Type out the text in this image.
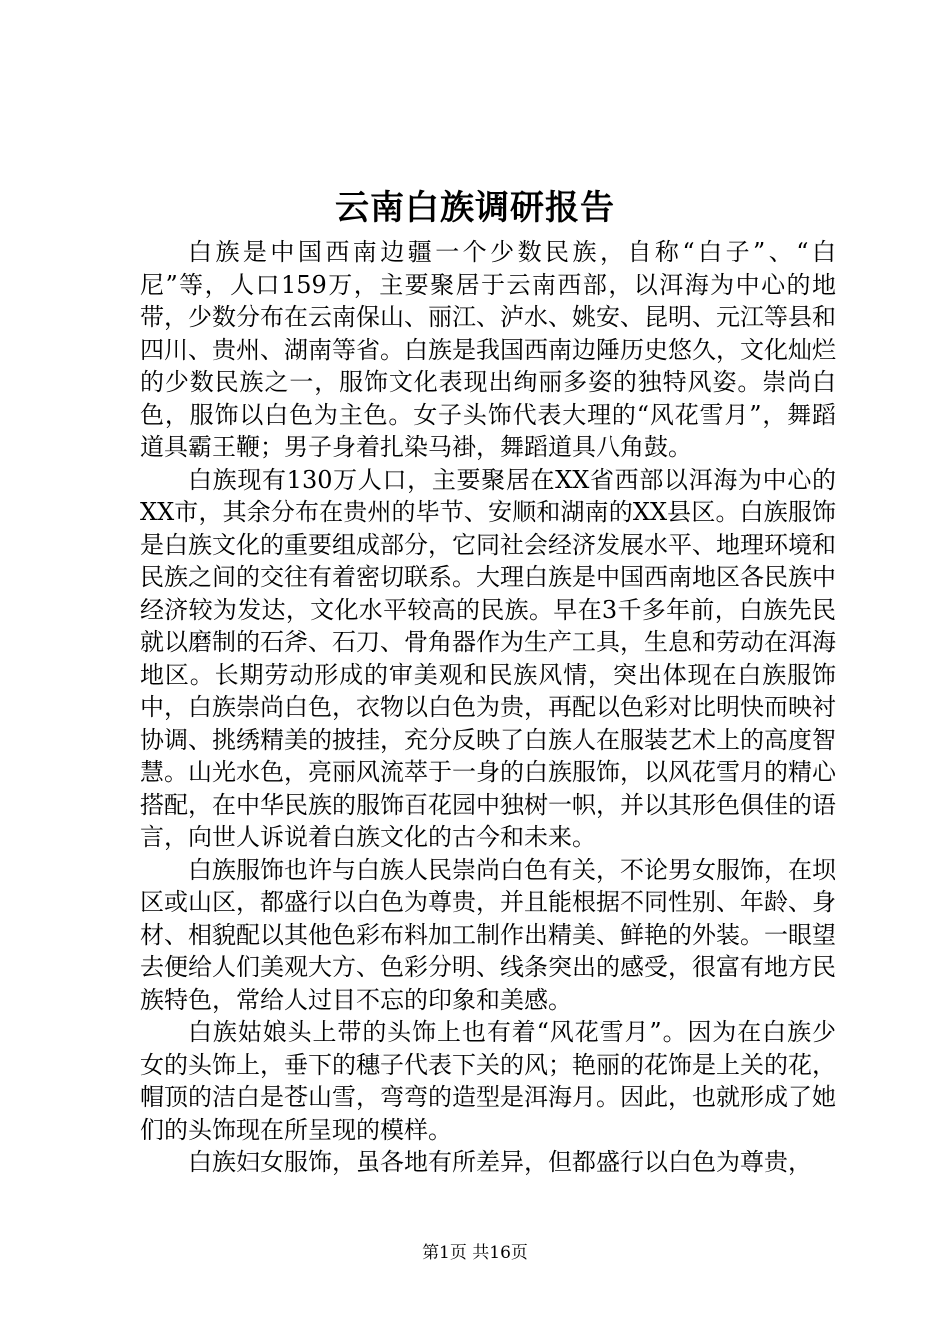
云南白族调研报告

白族是中国西南边疆一个少数民族，自称“白子”、“白尼”等，人口159万，主要聚居于云南西部，以洱海为中心的地带，少数分布在云南保山、丽江、泸水、姚安、昆明、元江等县和四川、贵州、湖南等省。白族是我国西南边陲历史悠久，文化灿烂的少数民族之一，服饰文化表现出绚丽多姿的独特风姿。崇尚白色，服饰以白色为主色。女子头饰代表大理的“风花雪月”，舞蹈道具霸王鞭；男子身着扎染马褂，舞蹈道具八角鼓。

白族现有130万人口，主要聚居在XX省西部以洱海为中心的XX市，其余分布在贵州的毕节、安顺和湖南的XX县区。白族服饰是白族文化的重要组成部分，它同社会经济发展水平、地理环境和民族之间的交往有着密切联系。大理白族是中国西南地区各民族中经济较为发达，文化水平较高的民族。早在3千多年前，白族先民就以磨制的石斧、石刀、骨角器作为生产工具，生息和劳动在洱海地区。长期劳动形成的审美观和民族风情，突出体现在白族服饰中，白族崇尚白色，衣物以白色为贵，再配以色彩对比明快而映衬协调、挑绣精美的披挂，充分反映了白族人在服装艺术上的高度智慧。山光水色，亮丽风流萃于一身的白族服饰，以风花雪月的精心搭配，在中华民族的服饰百花园中独树一帜，并以其形色俱佳的语言，向世人诉说着白族文化的古今和未来。

白族服饰也许与白族人民崇尚白色有关，不论男女服饰，在坝区或山区，都盛行以白色为尊贵，并且能根据不同性别、年龄、身材、相貌配以其他色彩布料加工制作出精美、鲜艳的外装。一眼望去便给人们美观大方、色彩分明、线条突出的感受，很富有地方民族特色，常给人过目不忘的印象和美感。

白族姑娘头上带的头饰上也有着“风花雪月”。因为在白族少女的头饰上，垂下的穗子代表下关的风；艳丽的花饰是上关的花，帽顶的洁白是苍山雪，弯弯的造型是洱海月。因此，也就形成了她们的头饰现在所呈现的模样。

白族妇女服饰，虽各地有所差异，但都盛行以白色为尊贵，

第1页 共16页
